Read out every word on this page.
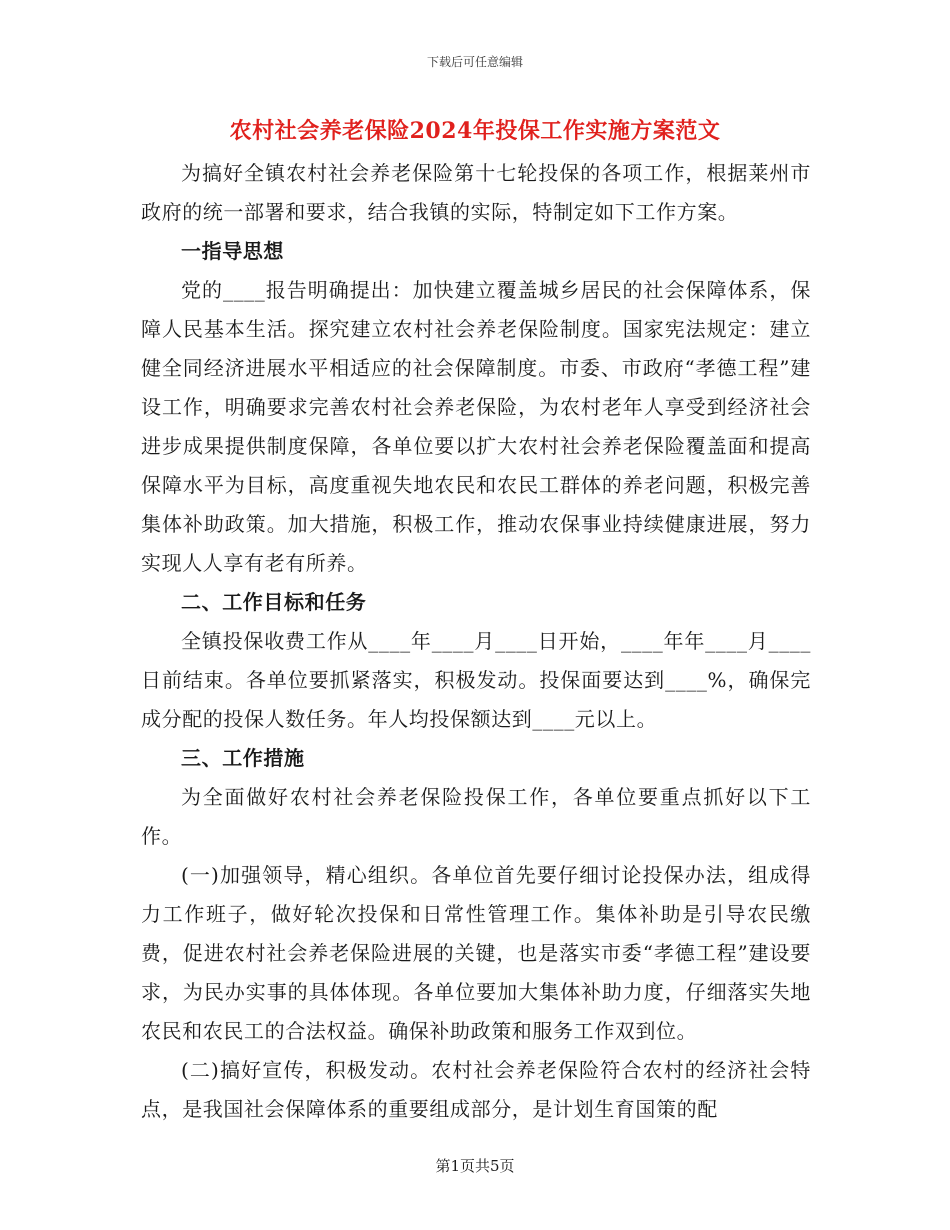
下载后可任意编辑
农村社会养老保险2024年投保工作实施方案范文

为搞好全镇农村社会养老保险第十七轮投保的各项工作，根据莱州市政府的统一部署和要求，结合我镇的实际，特制定如下工作方案。

一指导思想

党的____报告明确提出：加快建立覆盖城乡居民的社会保障体系，保障人民基本生活。探究建立农村社会养老保险制度。国家宪法规定：建立健全同经济进展水平相适应的社会保障制度。市委、市政府“孝德工程”建设工作，明确要求完善农村社会养老保险，为农村老年人享受到经济社会进步成果提供制度保障，各单位要以扩大农村社会养老保险覆盖面和提高保障水平为目标，高度重视失地农民和农民工群体的养老问题，积极完善集体补助政策。加大措施，积极工作，推动农保事业持续健康进展，努力实现人人享有老有所养。

二、工作目标和任务

全镇投保收费工作从____年____月____日开始，____年年____月____日前结束。各单位要抓紧落实，积极发动。投保面要达到____%，确保完成分配的投保人数任务。年人均投保额达到____元以上。

三、工作措施

为全面做好农村社会养老保险投保工作，各单位要重点抓好以下工作。

(一)加强领导，精心组织。各单位首先要仔细讨论投保办法，组成得力工作班子，做好轮次投保和日常性管理工作。集体补助是引导农民缴费，促进农村社会养老保险进展的关键，也是落实市委“孝德工程”建设要求，为民办实事的具体体现。各单位要加大集体补助力度，仔细落实失地农民和农民工的合法权益。确保补助政策和服务工作双到位。

(二)搞好宣传，积极发动。农村社会养老保险符合农村的经济社会特点，是我国社会保障体系的重要组成部分，是计划生育国策的配

第1页共5页
